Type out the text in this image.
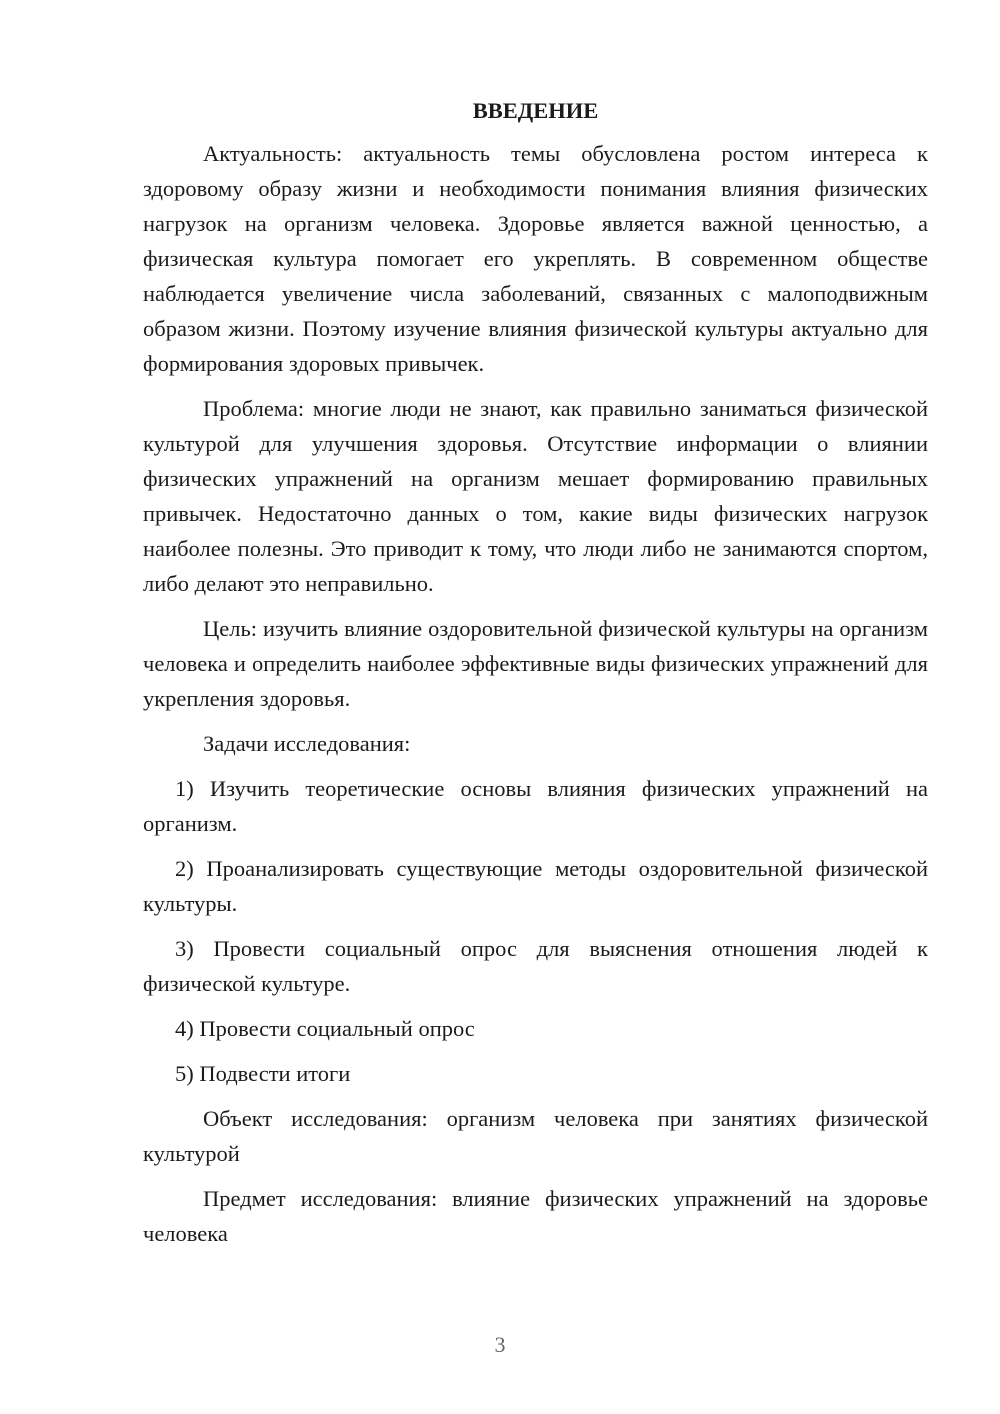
ВВЕДЕНИЕ

Актуальность: актуальность темы обусловлена ростом интереса к здоровому образу жизни и необходимости понимания влияния физических нагрузок на организм человека. Здоровье является важной ценностью, а физическая культура помогает его укреплять. В современном обществе наблюдается увеличение числа заболеваний, связанных с малоподвижным образом жизни. Поэтому изучение влияния физической культуры актуально для формирования здоровых привычек.

Проблема: многие люди не знают, как правильно заниматься физической культурой для улучшения здоровья. Отсутствие информации о влиянии физических упражнений на организм мешает формированию правильных привычек. Недостаточно данных о том, какие виды физических нагрузок наиболее полезны. Это приводит к тому, что люди либо не занимаются спортом, либо делают это неправильно.

Цель: изучить влияние оздоровительной физической культуры на организм человека и определить наиболее эффективные виды физических упражнений для укрепления здоровья.

Задачи исследования:

1) Изучить теоретические основы влияния физических упражнений на организм.

2) Проанализировать существующие методы оздоровительной физической культуры.

3) Провести социальный опрос для выяснения отношения людей к физической культуре.

4) Провести социальный опрос

5) Подвести итоги

Объект исследования: организм человека при занятиях физической культурой

Предмет исследования: влияние физических упражнений на здоровье человека

3
